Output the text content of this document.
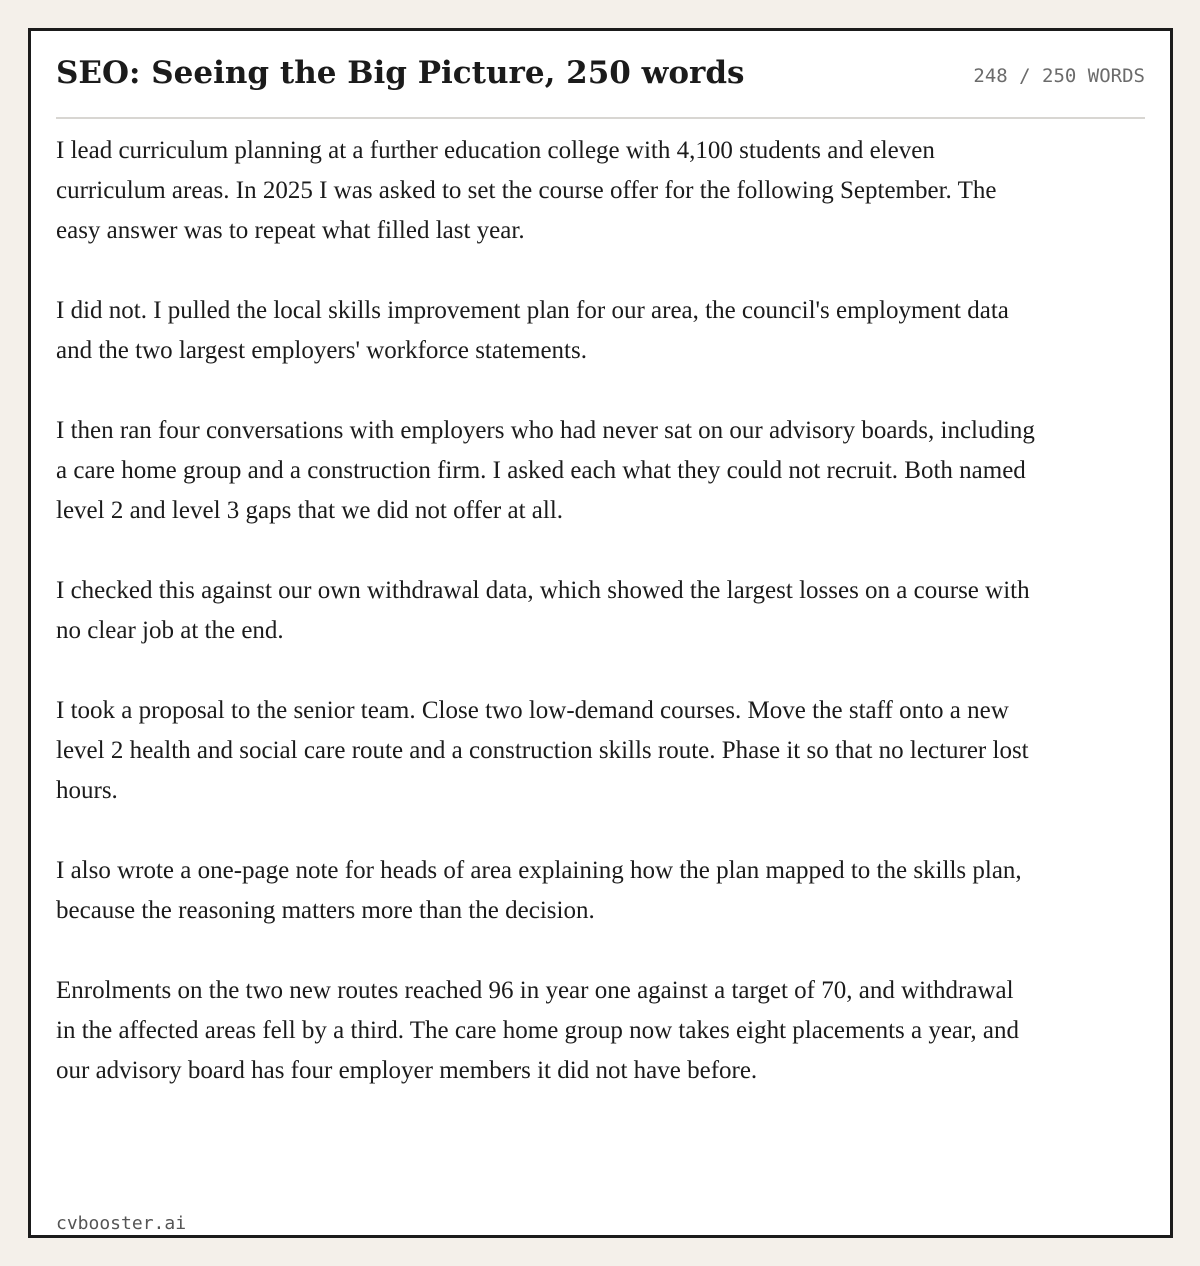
SEO: Seeing the Big Picture, 250 words	248 / 250 WORDS

I lead curriculum planning at a further education college with 4,100 students and eleven curriculum areas. In 2025 I was asked to set the course offer for the following September. The easy answer was to repeat what filled last year.

I did not. I pulled the local skills improvement plan for our area, the council's employment data and the two largest employers' workforce statements.

I then ran four conversations with employers who had never sat on our advisory boards, including a care home group and a construction firm. I asked each what they could not recruit. Both named level 2 and level 3 gaps that we did not offer at all.

I checked this against our own withdrawal data, which showed the largest losses on a course with no clear job at the end.

I took a proposal to the senior team. Close two low-demand courses. Move the staff onto a new level 2 health and social care route and a construction skills route. Phase it so that no lecturer lost hours.

I also wrote a one-page note for heads of area explaining how the plan mapped to the skills plan, because the reasoning matters more than the decision.

Enrolments on the two new routes reached 96 in year one against a target of 70, and withdrawal in the affected areas fell by a third. The care home group now takes eight placements a year, and our advisory board has four employer members it did not have before.

cvbooster.ai
